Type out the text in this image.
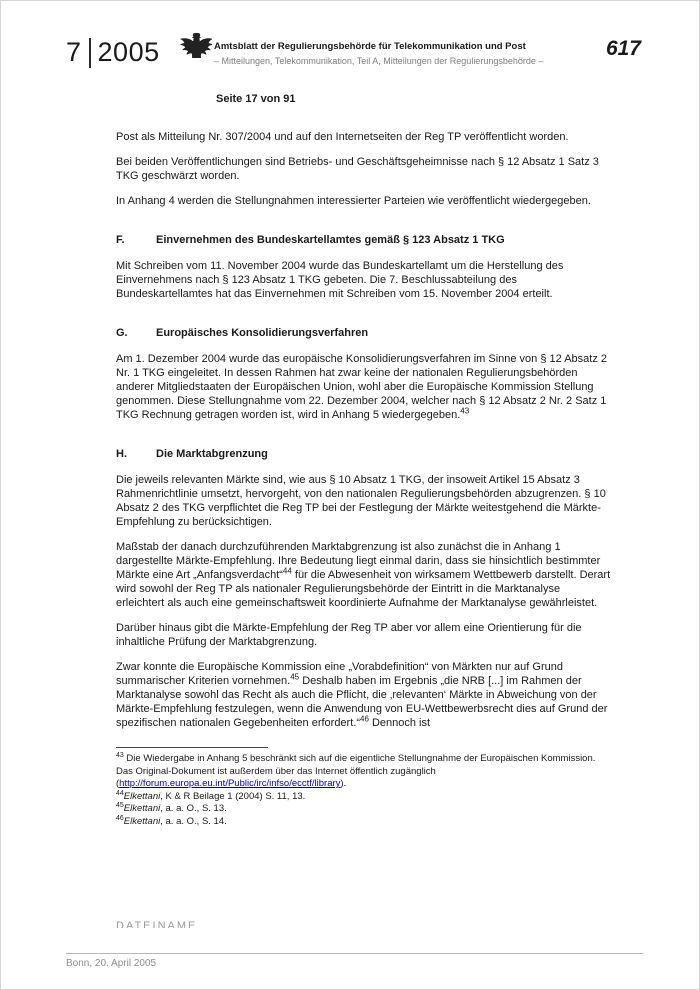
7 2005	Amtsblatt der Regulierungsbehörde für Telekommunikation und Post
– Mitteilungen, Telekommunikation, Teil A, Mitteilungen der Regulierungsbehörde –
617
Seite 17 von 91

Post als Mitteilung Nr. 307/2004 und auf den Internetseiten der Reg TP veröffentlicht worden.

Bei beiden Veröffentlichungen sind Betriebs- und Geschäftsgeheimnisse nach § 12 Absatz 1 Satz 3 TKG geschwärzt worden.

In Anhang 4 werden die Stellungnahmen interessierter Parteien wie veröffentlicht wiedergegeben.

F.	Einvernehmen des Bundeskartellamtes gemäß § 123 Absatz 1 TKG

Mit Schreiben vom 11. November 2004 wurde das Bundeskartellamt um die Herstellung des Einvernehmens nach § 123 Absatz 1 TKG gebeten. Die 7. Beschlussabteilung des Bundeskartellamtes hat das Einvernehmen mit Schreiben vom 15. November 2004 erteilt.

G.	Europäisches Konsolidierungsverfahren

Am 1. Dezember 2004 wurde das europäische Konsolidierungsverfahren im Sinne von § 12 Absatz 2 Nr. 1 TKG eingeleitet. In dessen Rahmen hat zwar keine der nationalen Regulierungsbehörden anderer Mitgliedstaaten der Europäischen Union, wohl aber die Europäische Kommission Stellung genommen. Diese Stellungnahme vom 22. Dezember 2004, welcher nach § 12 Absatz 2 Nr. 2 Satz 1 TKG Rechnung getragen worden ist, wird in Anhang 5 wiedergegeben.$^{43}$

H.	Die Marktabgrenzung

Die jeweils relevanten Märkte sind, wie aus § 10 Absatz 1 TKG, der insoweit Artikel 15 Absatz 3 Rahmenrichtlinie umsetzt, hervorgeht, von den nationalen Regulierungsbehörden abzugrenzen. § 10 Absatz 2 des TKG verpflichtet die Reg TP bei der Festlegung der Märkte weitestgehend die Märkte-Empfehlung zu berücksichtigen.

Maßstab der danach durchzuführenden Marktabgrenzung ist also zunächst die in Anhang 1 dargestellte Märkte-Empfehlung. Ihre Bedeutung liegt einmal darin, dass sie hinsichtlich bestimmter Märkte eine Art „Anfangsverdacht“$^{44}$ für die Abwesenheit von wirksamem Wettbewerb darstellt. Derart wird sowohl der Reg TP als nationaler Regulierungsbehörde der Eintritt in die Marktanalyse erleichtert als auch eine gemeinschaftsweit koordinierte Aufnahme der Marktanalyse gewährleistet.

Darüber hinaus gibt die Märkte-Empfehlung der Reg TP aber vor allem eine Orientierung für die inhaltliche Prüfung der Marktabgrenzung.

Zwar konnte die Europäische Kommission eine „Vorabdefinition“ von Märkten nur auf Grund summarischer Kriterien vornehmen.$^{45}$ Deshalb haben im Ergebnis „die NRB [...] im Rahmen der Marktanalyse sowohl das Recht als auch die Pflicht, die ‚relevanten‘ Märkte in Abweichung von der Märkte-Empfehlung festzulegen, wenn die Anwendung von EU-Wettbewerbsrecht dies auf Grund der spezifischen nationalen Gegebenheiten erfordert.“$^{46}$ Dennoch ist

$^{43}$ Die Wiedergabe in Anhang 5 beschränkt sich auf die eigentliche Stellungnahme der Europäischen Kommission. Das Original-Dokument ist außerdem über das Internet öffentlich zugänglich (http://forum.europa.eu.int/Public/irc/infso/ecctf/library).
$^{44}$Elkettani, K & R Beilage 1 (2004) S. 11, 13.
$^{45}$Elkettani, a. a. O., S. 13.
$^{46}$Elkettani, a. a. O., S. 14.
DATEINAME
Bonn, 20. April 2005
